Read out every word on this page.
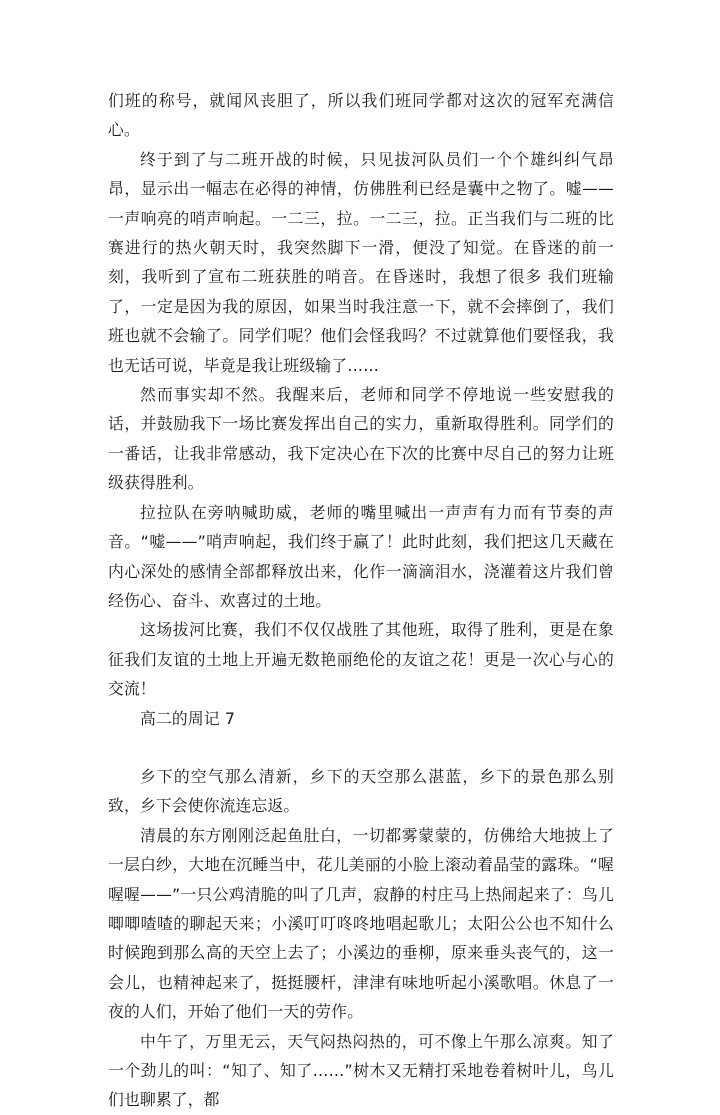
们班的称号，就闻风丧胆了，所以我们班同学都对这次的冠军充满信心。

终于到了与二班开战的时候，只见拔河队员们一个个雄纠纠气昂昂，显示出一幅志在必得的神情，仿佛胜利已经是囊中之物了。嘘——一声响亮的哨声响起。一二三，拉。一二三，拉。正当我们与二班的比赛进行的热火朝天时，我突然脚下一滑，便没了知觉。在昏迷的前一刻，我听到了宣布二班获胜的哨音。在昏迷时，我想了很多 我们班输了，一定是因为我的原因，如果当时我注意一下，就不会摔倒了，我们班也就不会输了。同学们呢？他们会怪我吗？不过就算他们要怪我，我也无话可说，毕竟是我让班级输了……

然而事实却不然。我醒来后，老师和同学不停地说一些安慰我的话，并鼓励我下一场比赛发挥出自己的实力，重新取得胜利。同学们的一番话，让我非常感动，我下定决心在下次的比赛中尽自己的努力让班级获得胜利。

拉拉队在旁呐喊助威，老师的嘴里喊出一声声有力而有节奏的声音。“嘘——”哨声响起，我们终于赢了！此时此刻，我们把这几天藏在内心深处的感情全部都释放出来，化作一滴滴泪水，浇灌着这片我们曾经伤心、奋斗、欢喜过的土地。

这场拔河比赛，我们不仅仅战胜了其他班，取得了胜利，更是在象征我们友谊的土地上开遍无数艳丽绝伦的友谊之花！更是一次心与心的交流！

高二的周记 7

乡下的空气那么清新，乡下的天空那么湛蓝，乡下的景色那么别致，乡下会使你流连忘返。

清晨的东方刚刚泛起鱼肚白，一切都雾蒙蒙的，仿佛给大地披上了一层白纱，大地在沉睡当中，花儿美丽的小脸上滚动着晶莹的露珠。“喔喔喔——”一只公鸡清脆的叫了几声，寂静的村庄马上热闹起来了：鸟儿唧唧喳喳的聊起天来；小溪叮叮咚咚地唱起歌儿；太阳公公也不知什么时候跑到那么高的天空上去了；小溪边的垂柳，原来垂头丧气的，这一会儿，也精神起来了，挺挺腰杆，津津有味地听起小溪歌唱。休息了一夜的人们，开始了他们一天的劳作。

中午了，万里无云，天气闷热闷热的，可不像上午那么凉爽。知了一个劲儿的叫：“知了、知了……”树木又无精打采地卷着树叶儿，鸟儿们也聊累了，都
